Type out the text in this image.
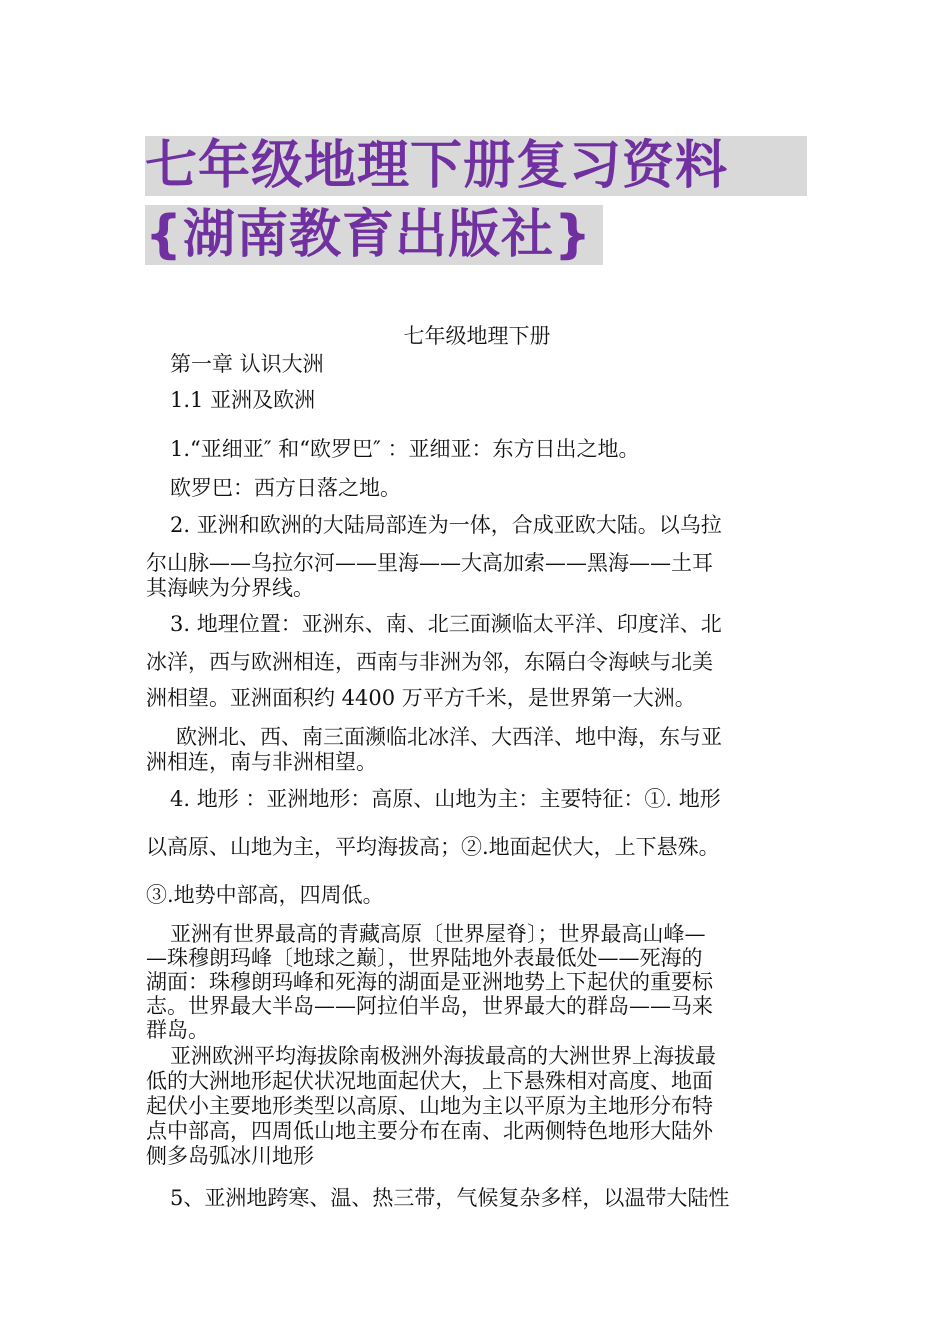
七年级地理下册复习资料
{湖南教育出版社}
七年级地理下册
第一章 认识大洲
1.1 亚洲及欧洲
1.“亚细亚″ 和“欧罗巴″ ：亚细亚：东方日出之地。
欧罗巴：西方日落之地。
2. 亚洲和欧洲的大陆局部连为一体，合成亚欧大陆。以乌拉
尔山脉——乌拉尔河——里海——大高加索——黑海——土耳
其海峡为分界线。
3. 地理位置：亚洲东、南、北三面濒临太平洋、印度洋、北
冰洋，西与欧洲相连，西南与非洲为邻，东隔白令海峡与北美
洲相望。亚洲面积约 4400 万平方千米，是世界第一大洲。
欧洲北、西、南三面濒临北冰洋、大西洋、地中海，东与亚
洲相连，南与非洲相望。
4. 地形 ：亚洲地形：高原、山地为主：主要特征：①. 地形
以高原、山地为主，平均海拔高；②.地面起伏大，上下悬殊。
③.地势中部高，四周低。
亚洲有世界最高的青藏高原〔世界屋脊〕；世界最高山峰—
—珠穆朗玛峰〔地球之巅〕，世界陆地外表最低处——死海的
湖面：珠穆朗玛峰和死海的湖面是亚洲地势上下起伏的重要标
志。世界最大半岛——阿拉伯半岛，世界最大的群岛——马来
群岛。
亚洲欧洲平均海拔除南极洲外海拔最高的大洲世界上海拔最
低的大洲地形起伏状况地面起伏大，上下悬殊相对高度、地面
起伏小主要地形类型以高原、山地为主以平原为主地形分布特
点中部高，四周低山地主要分布在南、北两侧特色地形大陆外
侧多岛弧冰川地形
5、亚洲地跨寒、温、热三带，气候复杂多样，以温带大陆性
